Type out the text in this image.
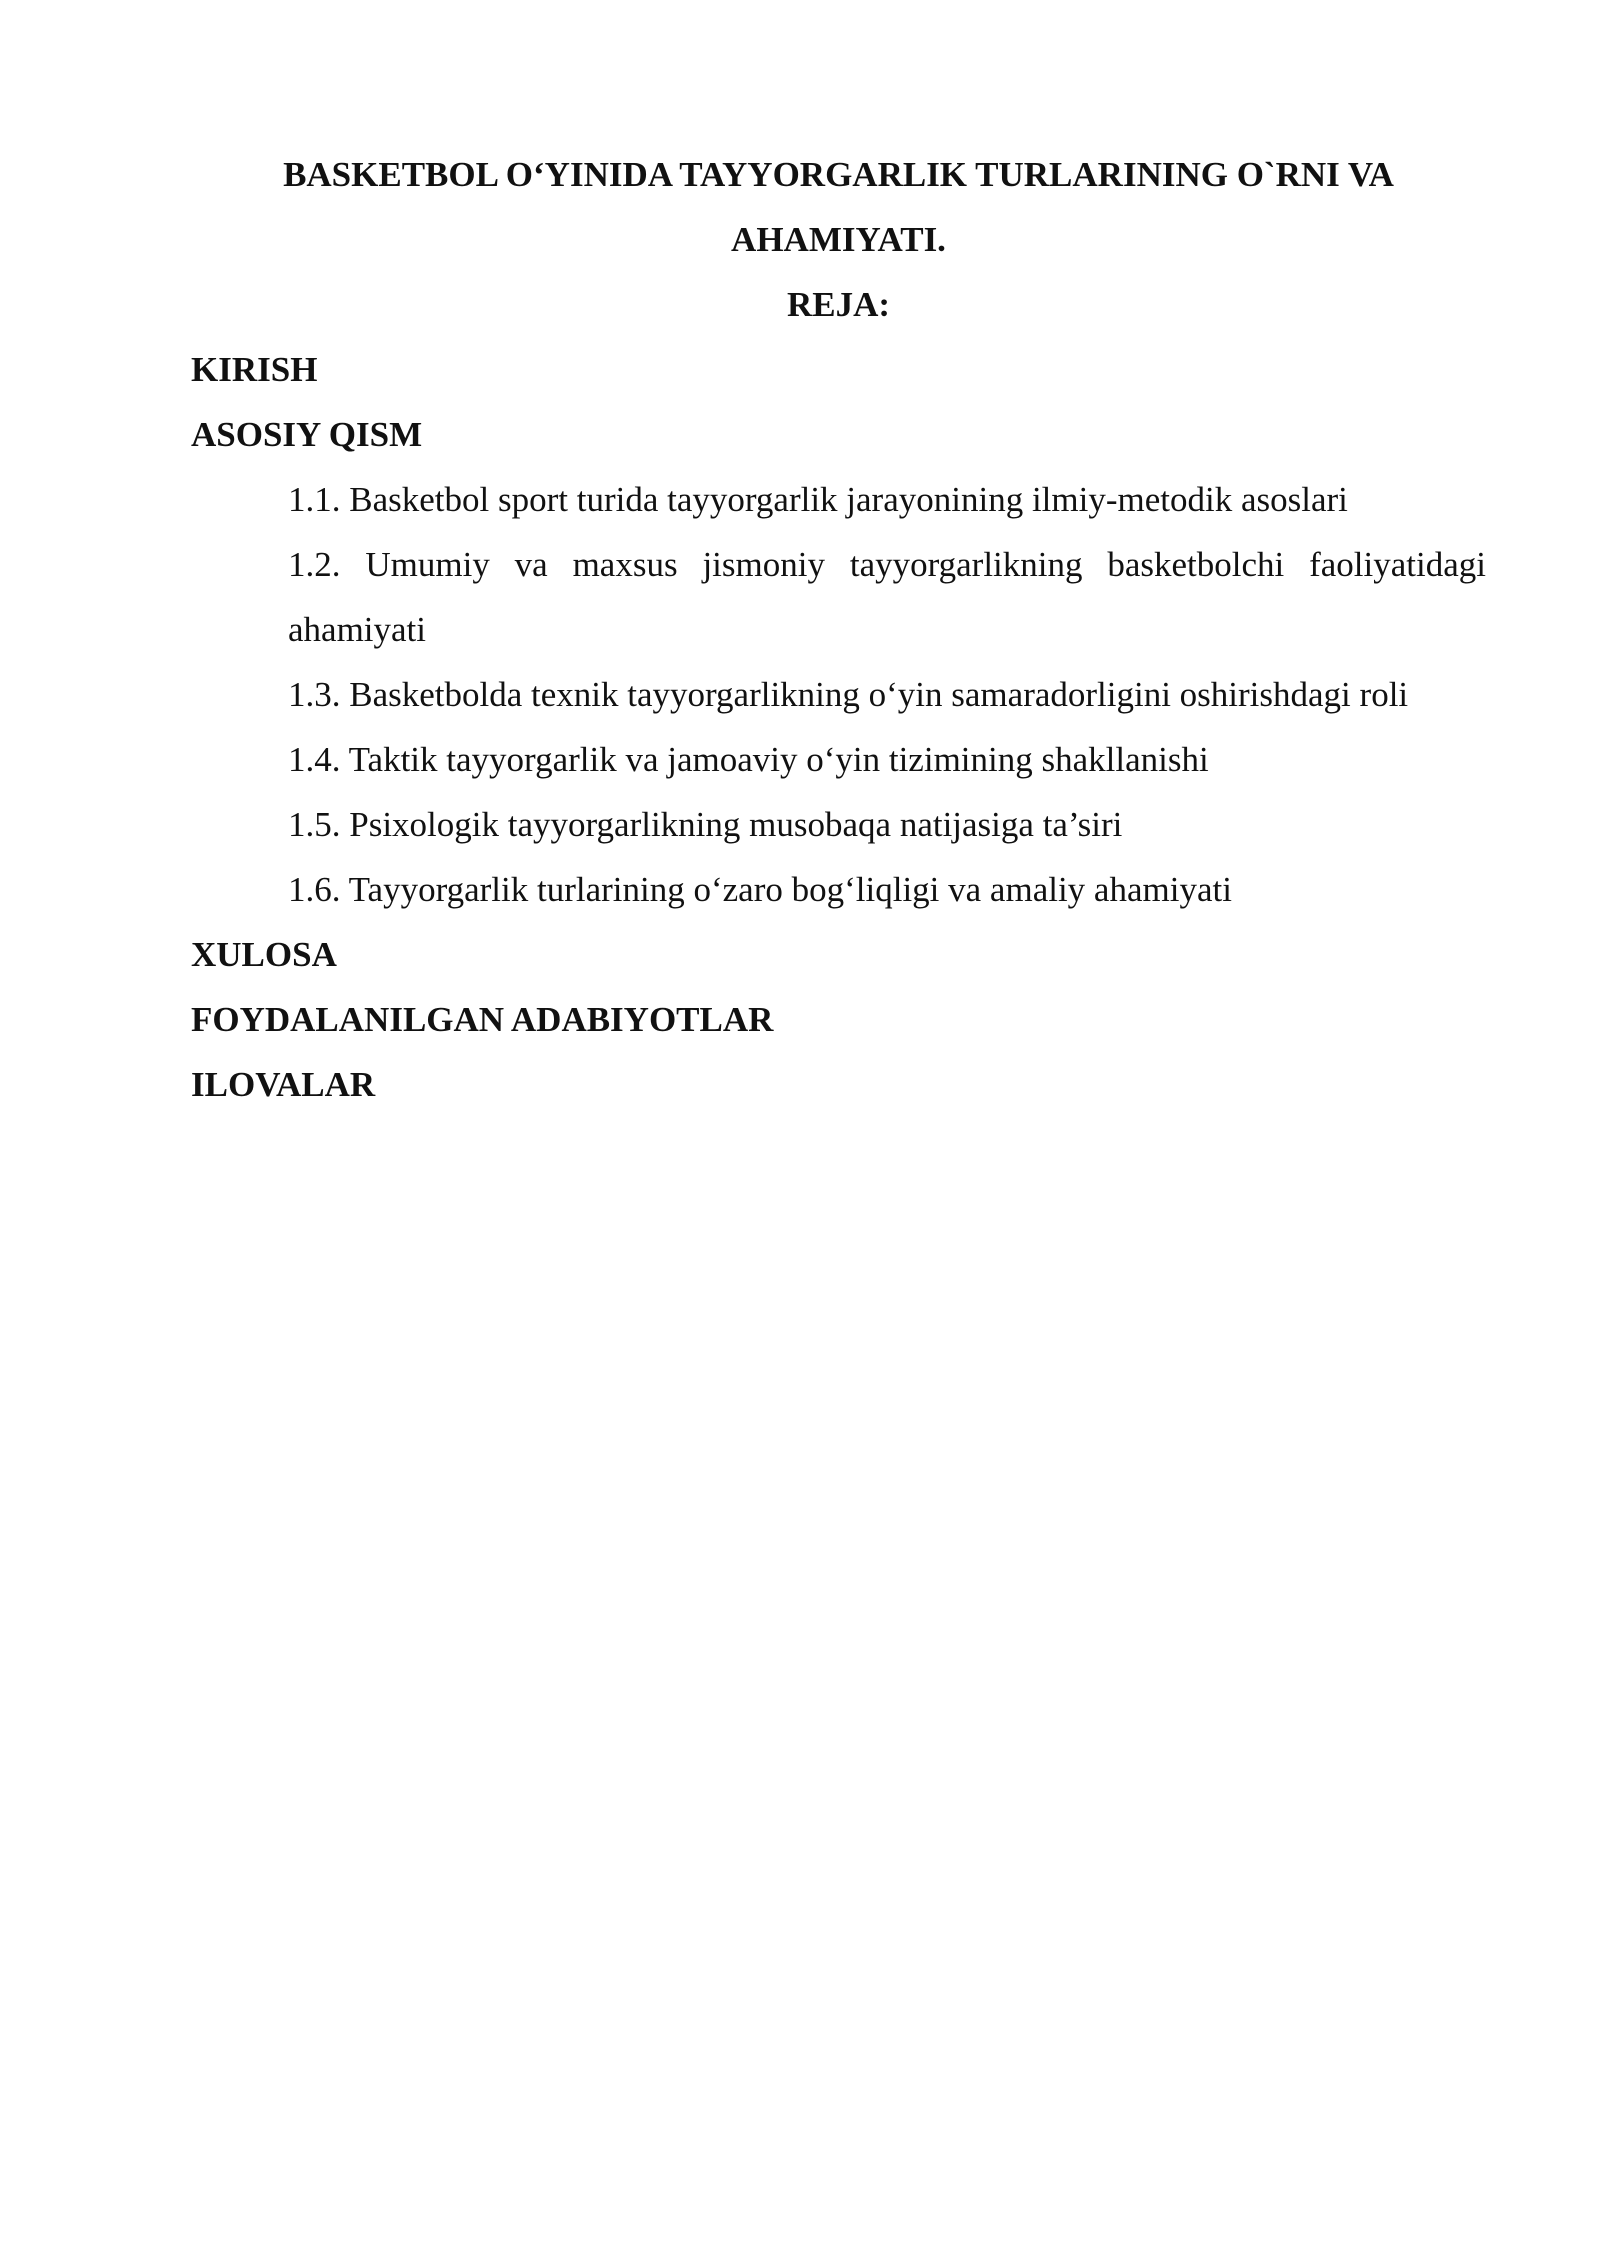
BASKETBOL O‘YINIDA TAYYORGARLIK TURLARINING O`RNI VA AHAMIYATI.

REJA:

KIRISH

ASOSIY QISM

1.1. Basketbol sport turida tayyorgarlik jarayonining ilmiy-metodik asoslari

1.2. Umumiy va maxsus jismoniy tayyorgarlikning basketbolchi faoliyatidagi ahamiyati

1.3. Basketbolda texnik tayyorgarlikning o‘yin samaradorligini oshirishdagi roli

1.4. Taktik tayyorgarlik va jamoaviy o‘yin tizimining shakllanishi

1.5. Psixologik tayyorgarlikning musobaqa natijasiga ta’siri

1.6. Tayyorgarlik turlarining o‘zaro bog‘liqligi va amaliy ahamiyati

XULOSA

FOYDALANILGAN ADABIYOTLAR

ILOVALAR
